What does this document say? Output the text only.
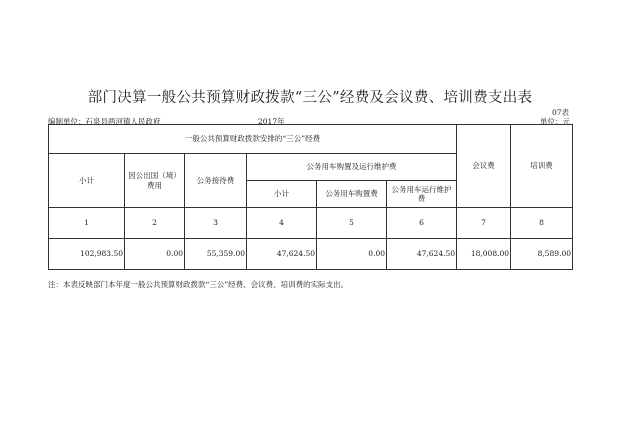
部门决算一般公共预算财政拨款“三公”经费及会议费、培训费支出表
07表
编制单位：石泉县两河镇人民政府	2017年	单位：元
一般公共预算财政拨款安排的“三公”经费						会议费	培训费
小计	因公出国（境）费用	公务接待费	公务用车购置及运行维护费				
			小计	公务用车购置费	公务用车运行维护费		
1	2	3	4	5	6	7	8
102,983.50	0.00	55,359.00	47,624.50	0.00	47,624.50	18,008.00	8,589.00
注：本表反映部门本年度一般公共预算财政拨款“三公”经费、会议费、培训费的实际支出。
